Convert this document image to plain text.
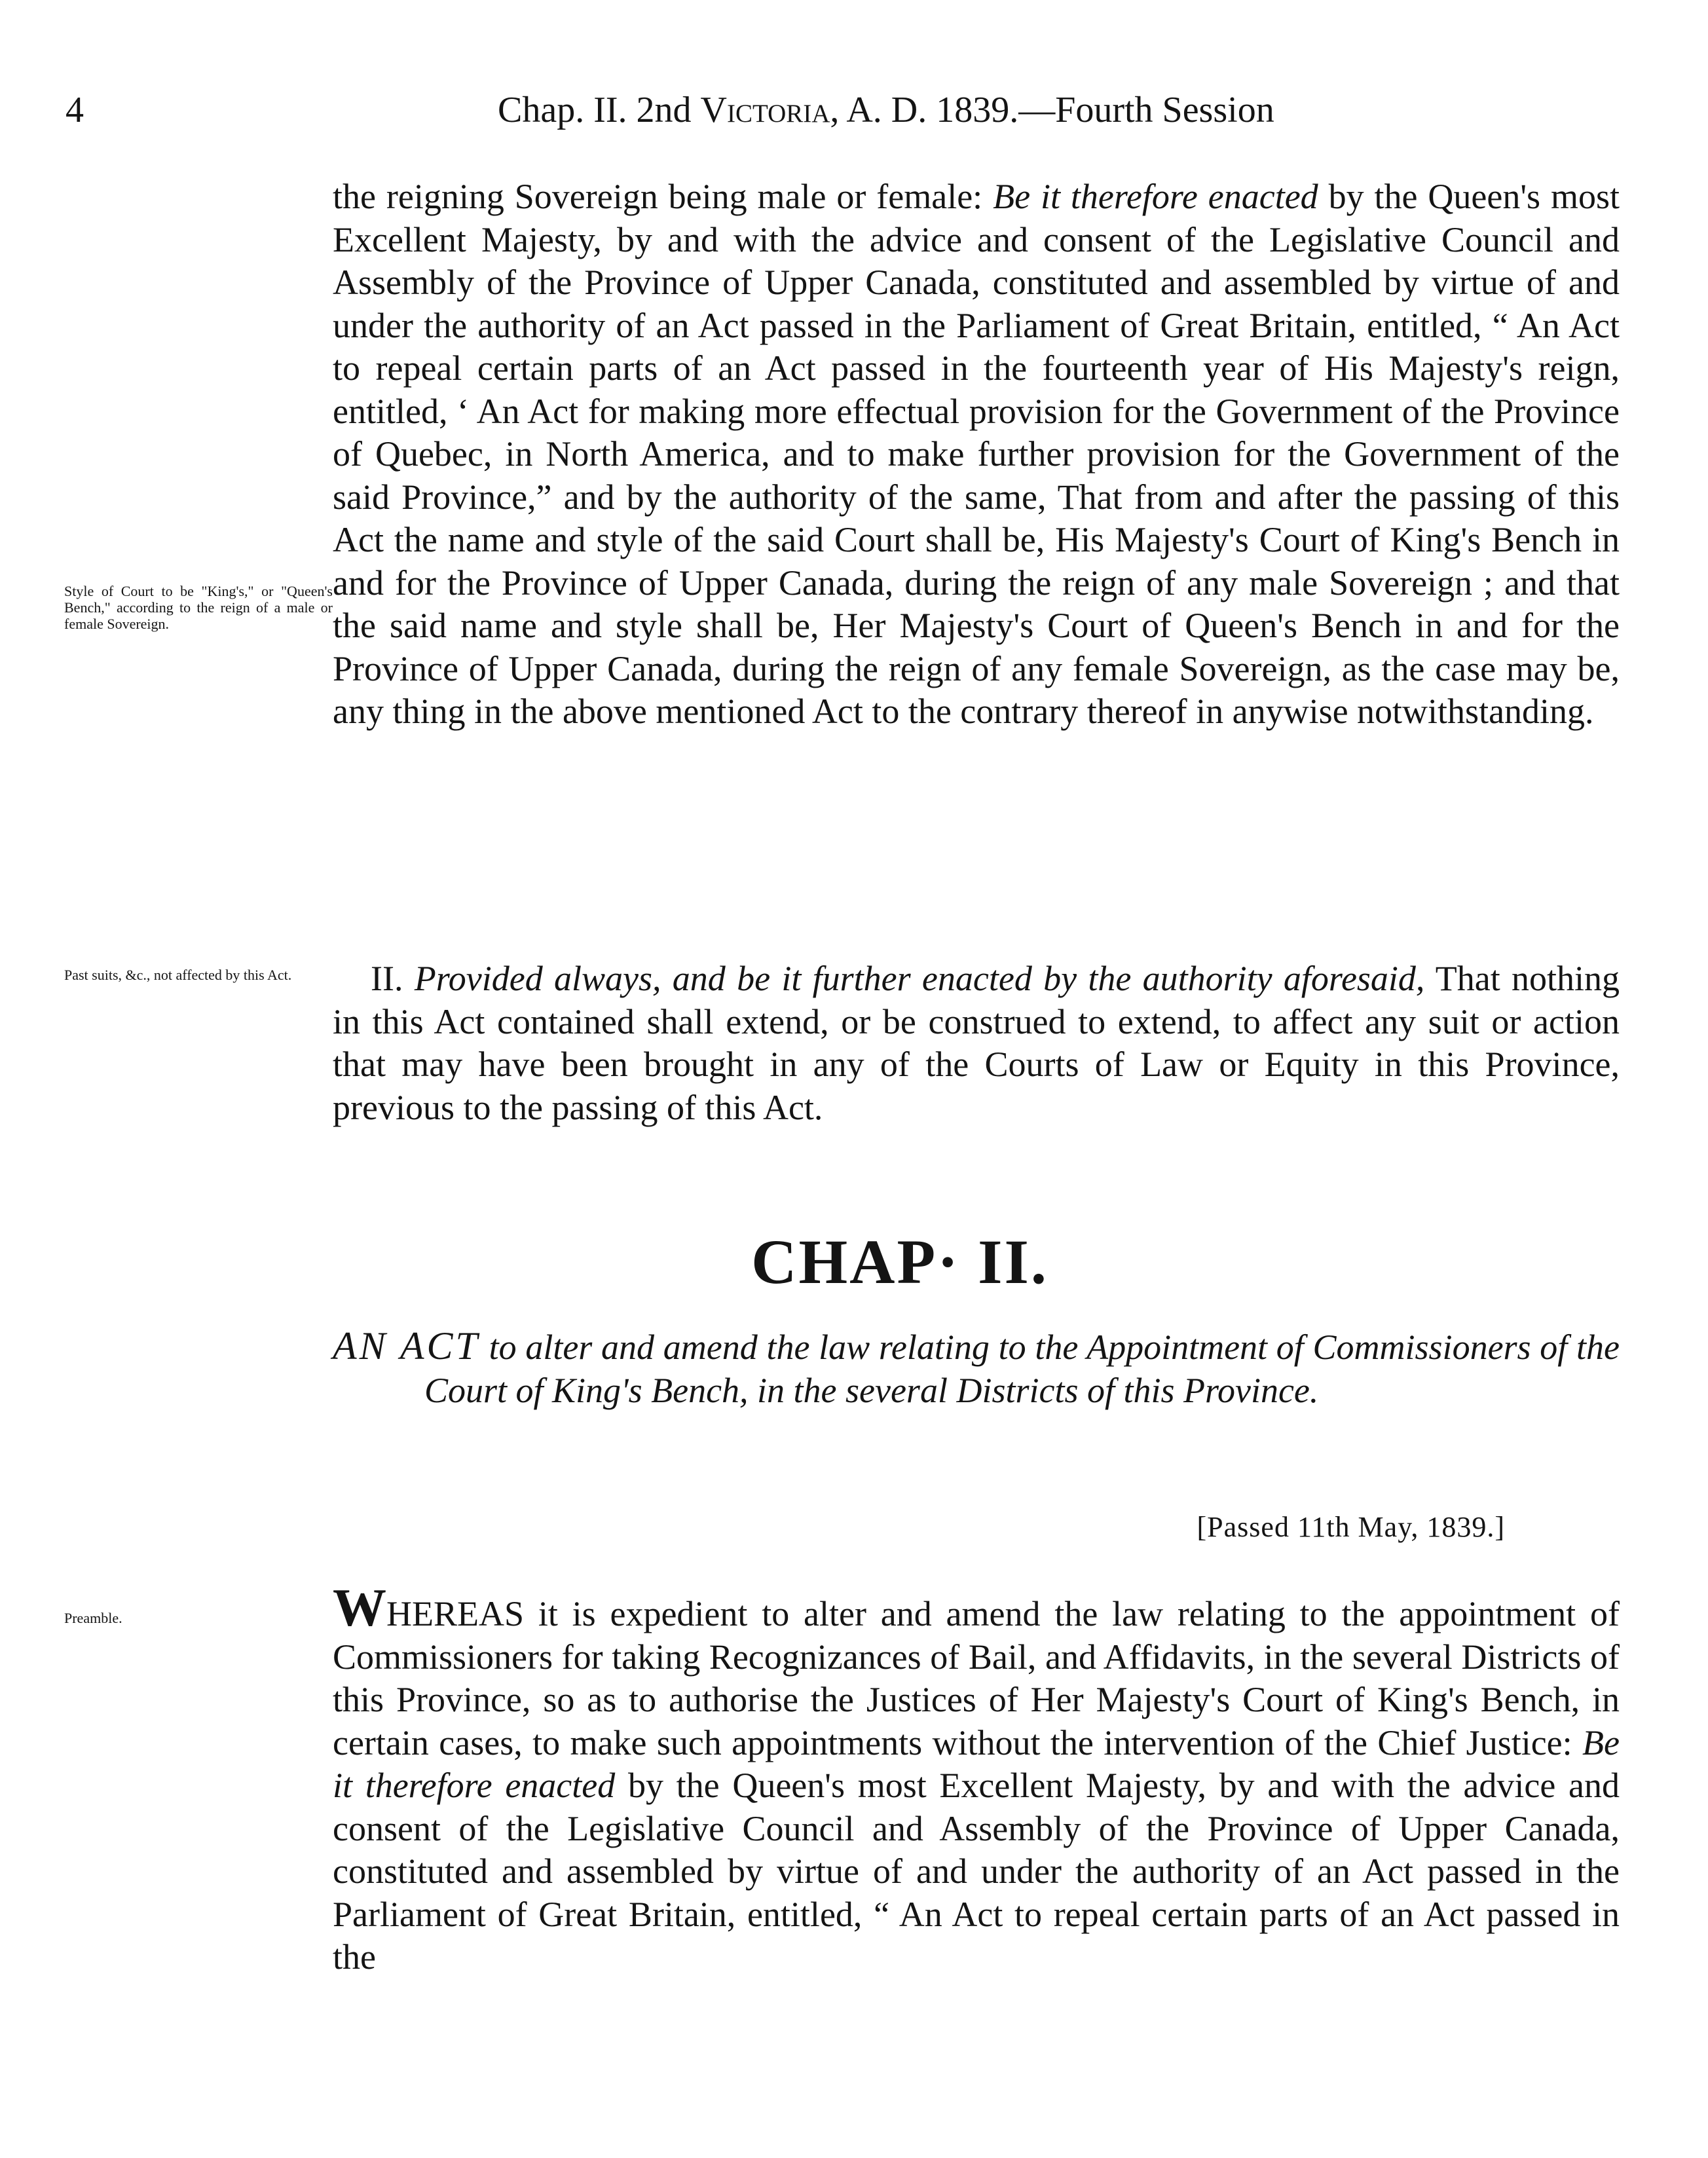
4	Chap. II. 2nd Victoria, A. D. 1839.—Fourth Session
Style of Court to be "King's," or "Queen's Bench," according to the reign of a male or female Sovereign.
the reigning Sovereign being male or female: Be it therefore enacted by the Queen's most Excellent Majesty, by and with the advice and consent of the Legislative Council and Assembly of the Province of Upper Canada, constituted and assembled by virtue of and under the authority of an Act passed in the Parliament of Great Britain, entitled, “ An Act to repeal certain parts of an Act passed in the fourteenth year of His Majesty's reign, entitled, ‘ An Act for making more effectual provision for the Government of the Province of Quebec, in North America, and to make further provision for the Government of the said Province,” and by the authority of the same, That from and after the passing of this Act the name and style of the said Court shall be, His Majesty's Court of King's Bench in and for the Province of Upper Canada, during the reign of any male Sovereign ; and that the said name and style shall be, Her Majesty's Court of Queen's Bench in and for the Province of Upper Canada, during the reign of any female Sovereign, as the case may be, any thing in the above mentioned Act to the contrary thereof in anywise notwithstanding.
Past suits, &c., not affected by this Act.	II. Provided always, and be it further enacted by the authority aforesaid, That nothing in this Act contained shall extend, or be construed to extend, to affect any suit or action that may have been brought in any of the Courts of Law or Equity in this Province, previous to the passing of this Act.
CHAP· II.
AN ACT to alter and amend the law relating to the Appointment of Commissioners of the Court of King's Bench, in the several Districts of this Province.
[Passed 11th May, 1839.]
Preamble.	WHEREAS it is expedient to alter and amend the law relating to the appointment of Commissioners for taking Recognizances of Bail, and Affidavits, in the several Districts of this Province, so as to authorise the Justices of Her Majesty's Court of King's Bench, in certain cases, to make such appointments without the intervention of the Chief Justice: Be it therefore enacted by the Queen's most Excellent Majesty, by and with the advice and consent of the Legislative Council and Assembly of the Province of Upper Canada, constituted and assembled by virtue of and under the authority of an Act passed in the Parliament of Great Britain, entitled, “ An Act to repeal certain parts of an Act passed in the
